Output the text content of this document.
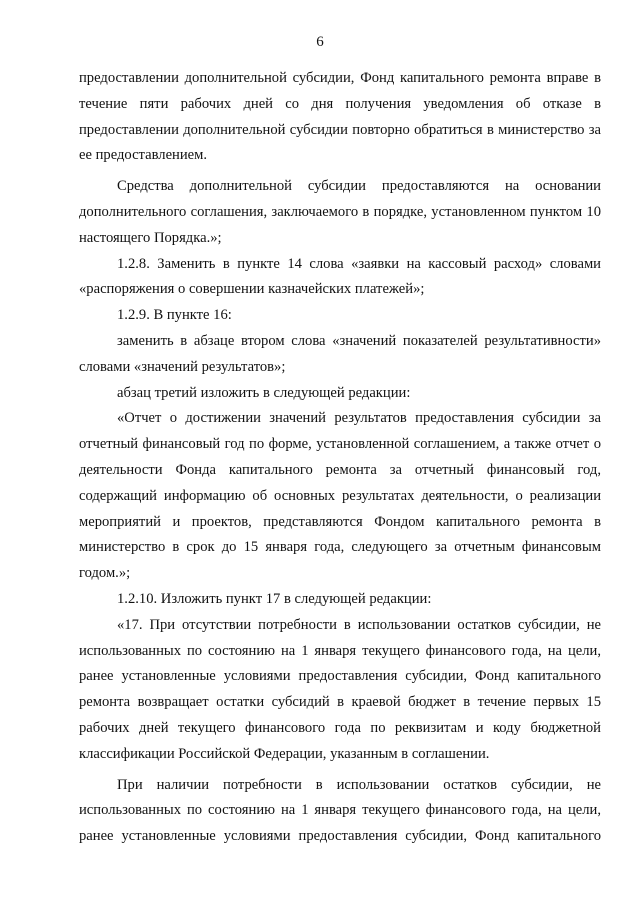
6

предоставлении дополнительной субсидии, Фонд капитального ремонта вправе в течение пяти рабочих дней со дня получения уведомления об отказе в предоставлении дополнительной субсидии повторно обратиться в министерство за ее предоставлением.

Средства дополнительной субсидии предоставляются на основании дополнительного соглашения, заключаемого в порядке, установленном пунктом 10 настоящего Порядка.»;

1.2.8. Заменить в пункте 14 слова «заявки на кассовый расход» словами «распоряжения о совершении казначейских платежей»;

1.2.9. В пункте 16:

заменить в абзаце втором слова «значений показателей результативности» словами «значений результатов»;

абзац третий изложить в следующей редакции:

«Отчет о достижении значений результатов предоставления субсидии за отчетный финансовый год по форме, установленной соглашением, а также отчет о деятельности Фонда капитального ремонта за отчетный финансовый год, содержащий информацию об основных результатах деятельности, о реализации мероприятий и проектов, представляются Фондом капитального ремонта в министерство в срок до 15 января года, следующего за отчетным финансовым годом.»;

1.2.10. Изложить пункт 17 в следующей редакции:

«17. При отсутствии потребности в использовании остатков субсидии, не использованных по состоянию на 1 января текущего финансового года, на цели, ранее установленные условиями предоставления субсидии, Фонд капитального ремонта возвращает остатки субсидий в краевой бюджет в течение первых 15 рабочих дней текущего финансового года по реквизитам и коду бюджетной классификации Российской Федерации, указанным в соглашении.

При наличии потребности в использовании остатков субсидии, не использованных по состоянию на 1 января текущего финансового года, на цели, ранее установленные условиями предоставления субсидии, Фонд капитального
